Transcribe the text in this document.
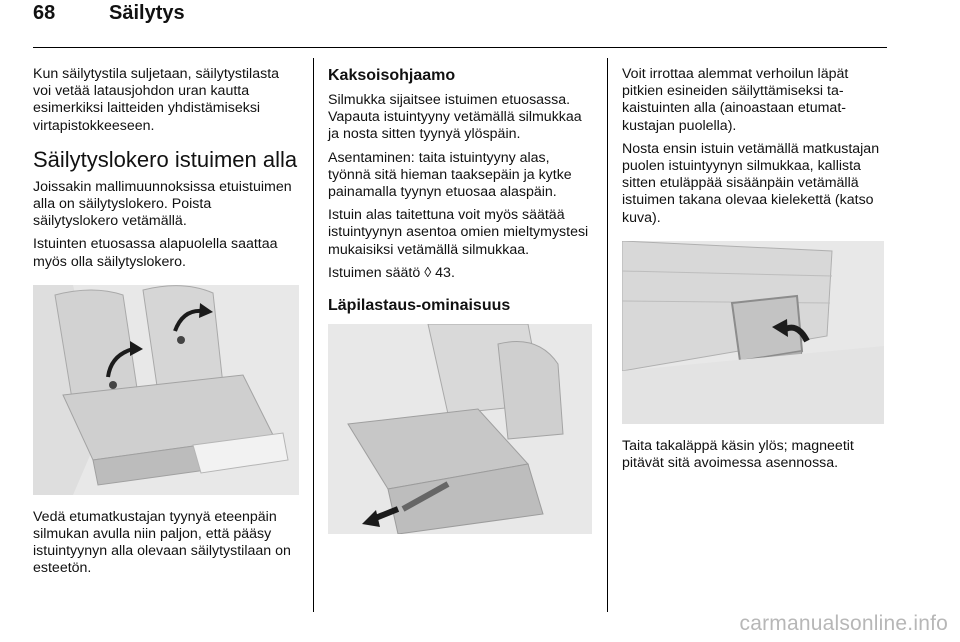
68	Säilytys

Kun säilytystila suljetaan, säilytystilasta voi vetää latausjohdon uran kautta esimerkiksi laitteiden yhdistämiseksi virtapistokkeeseen.

Säilytyslokero istuimen alla

Joissakin mallimuunnoksissa etuistuimen alla on säilytyslokero. Poista säilytyslokero vetämällä.

Istuinten etuosassa alapuolella saattaa myös olla säilytyslokero.

Vedä etumatkustajan tyynyä eteenpäin silmukan avulla niin paljon, että pääsy istuintyynyn alla olevaan säilytystilaan on esteetön.

Kaksoisohjaamo

Silmukka sijaitsee istuimen etuosassa. Vapauta istuintyyny vetämällä silmukkaa ja nosta sitten tyynyä ylöspäin.

Asentaminen: taita istuintyyny alas, työnnä sitä hieman taaksepäin ja kytke painamalla tyynyn etuosaa alaspäin.

Istuin alas taitettuna voit myös säätää istuintyynyn asentoa omien mieltymystesi mukaisiksi vetämällä silmukkaa.

Istuimen säätö ◊ 43.

Läpilastaus-ominaisuus

Voit irrottaa alemmat verhoilun läpät pitkien esineiden säilyttämiseksi takaistuinten alla (ainoastaan etumatkustajan puolella).

Nosta ensin istuin vetämällä matkustajan puolen istuintyynyn silmukkaa, kallista sitten etuläppää sisäänpäin vetämällä istuimen takana olevaa kielekettä (katso kuva).

Taita takaläppä käsin ylös; magneetit pitävät sitä avoimessa asennossa.

carmanualsonline.info
